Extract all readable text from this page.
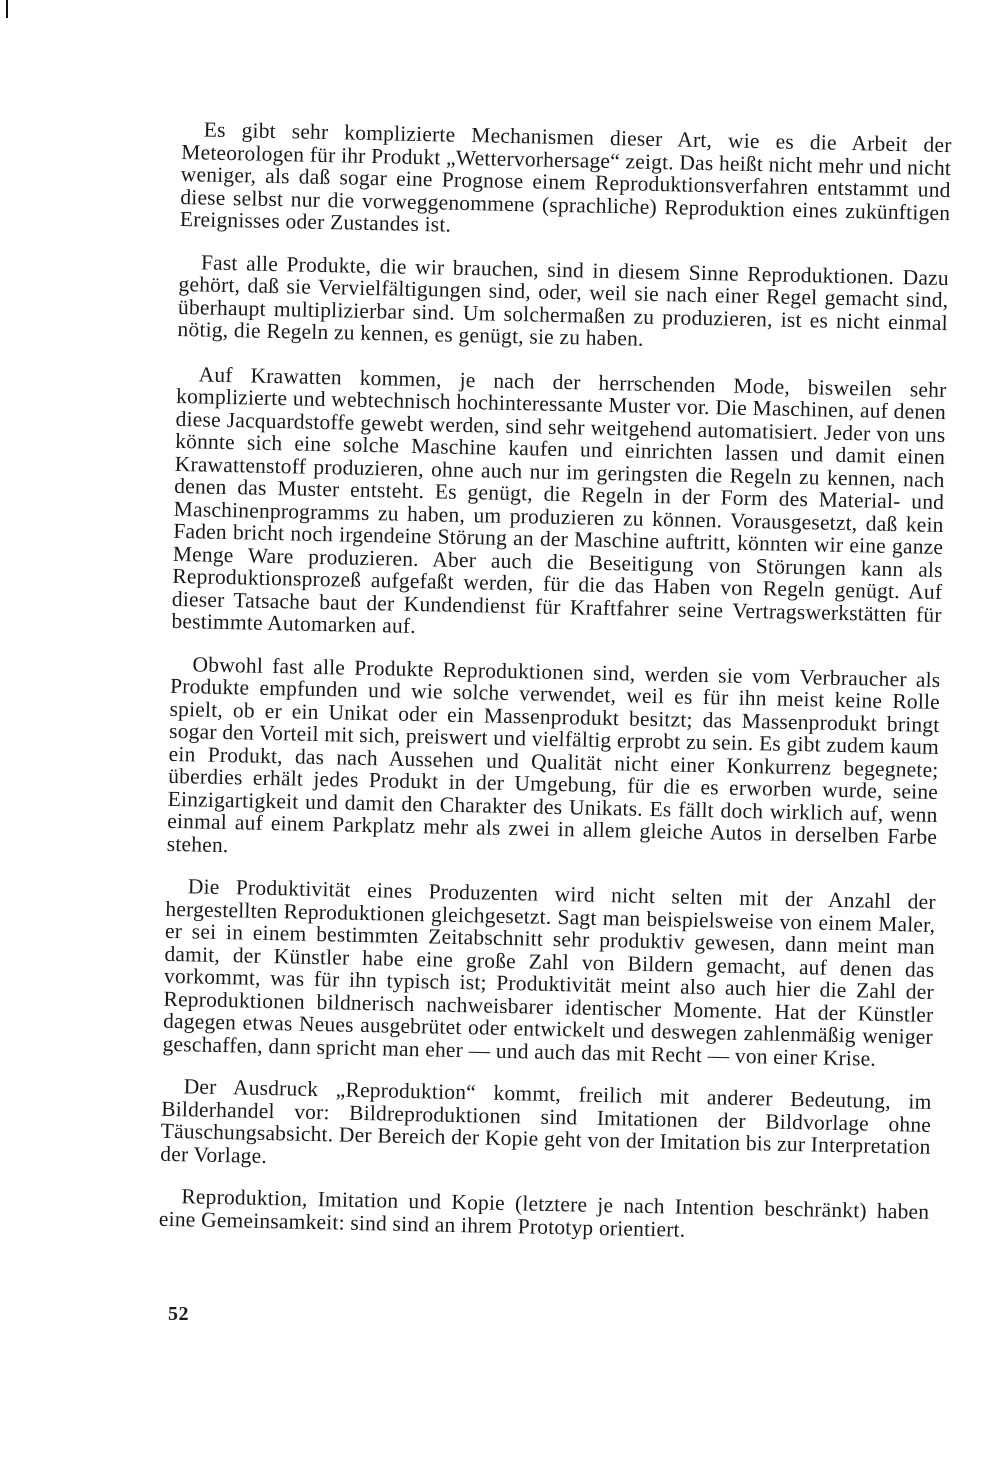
Es gibt sehr komplizierte Mechanismen dieser Art, wie es die Arbeit der Meteorologen für ihr Produkt „Wettervorhersage“ zeigt. Das heißt nicht mehr und nicht weniger, als daß sogar eine Prognose einem Reproduktionsverfahren entstammt und diese selbst nur die vorweggenommene (sprachliche) Reproduktion eines zukünftigen Ereignisses oder Zustandes ist.

Fast alle Produkte, die wir brauchen, sind in diesem Sinne Reproduktionen. Dazu gehört, daß sie Vervielfältigungen sind, oder, weil sie nach einer Regel gemacht sind, überhaupt multiplizierbar sind. Um solchermaßen zu produzieren, ist es nicht einmal nötig, die Regeln zu kennen, es genügt, sie zu haben.

Auf Krawatten kommen, je nach der herrschenden Mode, bisweilen sehr komplizierte und webtechnisch hochinteressante Muster vor. Die Maschinen, auf denen diese Jacquardstoffe gewebt werden, sind sehr weitgehend automatisiert. Jeder von uns könnte sich eine solche Maschine kaufen und einrichten lassen und damit einen Krawattenstoff produzieren, ohne auch nur im geringsten die Regeln zu kennen, nach denen das Muster entsteht. Es genügt, die Regeln in der Form des Material- und Maschinenprogramms zu haben, um produzieren zu können. Vorausgesetzt, daß kein Faden bricht noch irgendeine Störung an der Maschine auftritt, könnten wir eine ganze Menge Ware produzieren. Aber auch die Beseitigung von Störungen kann als Reproduktionsprozeß aufgefaßt werden, für die das Haben von Regeln genügt. Auf dieser Tatsache baut der Kundendienst für Kraftfahrer seine Vertragswerkstätten für bestimmte Automarken auf.

Obwohl fast alle Produkte Reproduktionen sind, werden sie vom Verbraucher als Produkte empfunden und wie solche verwendet, weil es für ihn meist keine Rolle spielt, ob er ein Unikat oder ein Massenprodukt besitzt; das Massenprodukt bringt sogar den Vorteil mit sich, preiswert und vielfältig erprobt zu sein. Es gibt zudem kaum ein Produkt, das nach Aussehen und Qualität nicht einer Konkurrenz begegnete; überdies erhält jedes Produkt in der Umgebung, für die es erworben wurde, seine Einzigartigkeit und damit den Charakter des Unikats. Es fällt doch wirklich auf, wenn einmal auf einem Parkplatz mehr als zwei in allem gleiche Autos in derselben Farbe stehen.

Die Produktivität eines Produzenten wird nicht selten mit der Anzahl der hergestellten Reproduktionen gleichgesetzt. Sagt man beispielsweise von einem Maler, er sei in einem bestimmten Zeitabschnitt sehr produktiv gewesen, dann meint man damit, der Künstler habe eine große Zahl von Bildern gemacht, auf denen das vorkommt, was für ihn typisch ist; Produktivität meint also auch hier die Zahl der Reproduktionen bildnerisch nachweisbarer identischer Momente. Hat der Künstler dagegen etwas Neues ausgebrütet oder entwickelt und deswegen zahlenmäßig weniger geschaffen, dann spricht man eher — und auch das mit Recht — von einer Krise.

Der Ausdruck „Reproduktion“ kommt, freilich mit anderer Bedeutung, im Bilderhandel vor: Bildreproduktionen sind Imitationen der Bildvorlage ohne Täuschungsabsicht. Der Bereich der Kopie geht von der Imitation bis zur Interpretation der Vorlage.

Reproduktion, Imitation und Kopie (letztere je nach Intention beschränkt) haben eine Gemeinsamkeit: sind sind an ihrem Prototyp orientiert.

52
